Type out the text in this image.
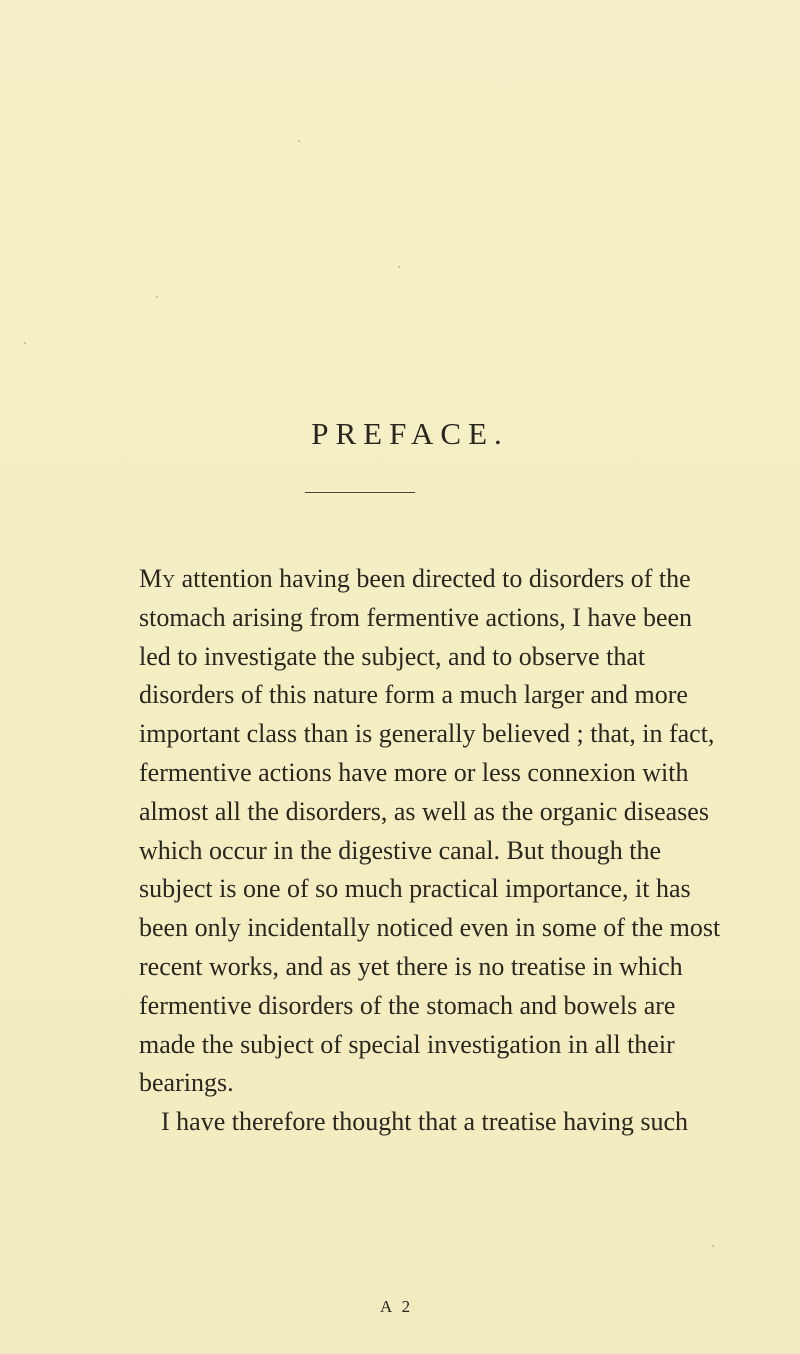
PREFACE.
My attention having been directed to disorders of the
stomach arising from fermentive actions, I have been
led to investigate the subject, and to observe that
disorders of this nature form a much larger and more
important class than is generally believed ; that, in fact,
fermentive actions have more or less connexion with
almost all the disorders, as well as the organic diseases
which occur in the digestive canal. But though the
subject is one of so much practical importance, it has
been only incidentally noticed even in some of the most
recent works, and as yet there is no treatise in which
fermentive disorders of the stomach and bowels are
made the subject of special investigation in all their
bearings.
I have therefore thought that a treatise having such
A 2
